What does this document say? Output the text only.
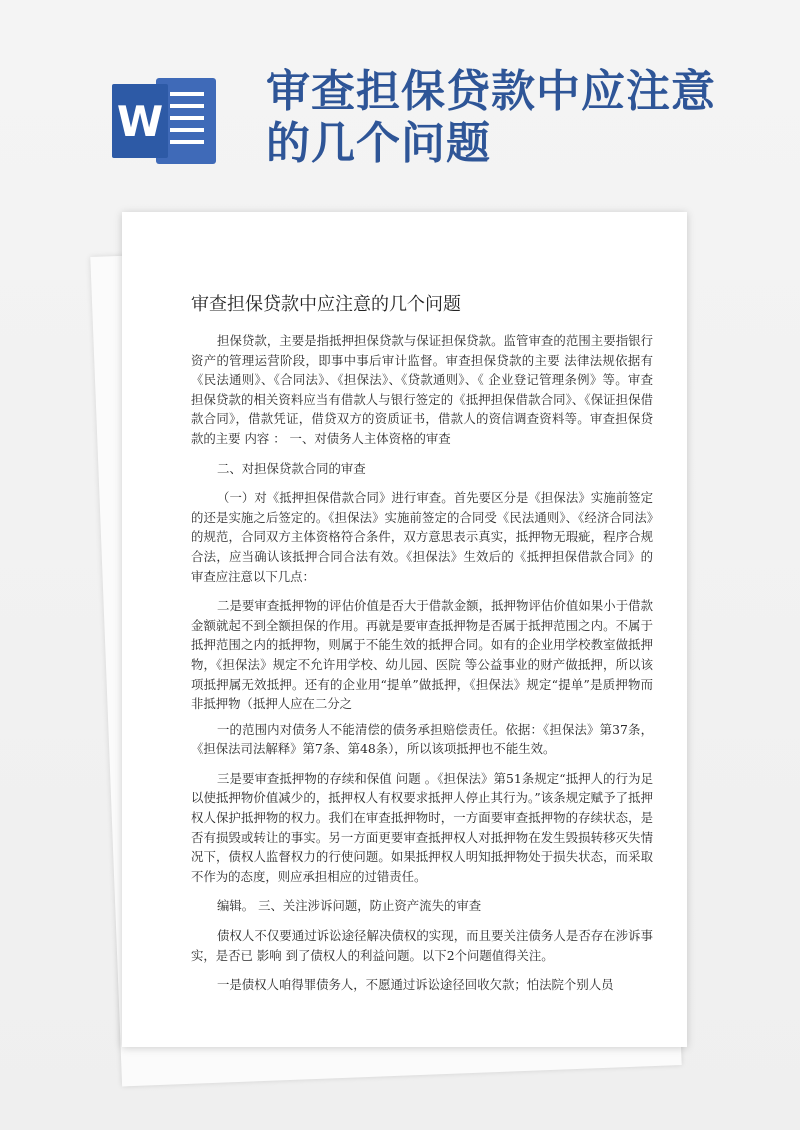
W
审查担保贷款中应注意的几个问题
审查担保贷款中应注意的几个问题

担保贷款，主要是指抵押担保贷款与保证担保贷款。监管审查的范围主要指银行资产的管理运营阶段，即事中事后审计监督。审查担保贷款的主要 法律法规依据有《民法通则》、《合同法》、《担保法》、《贷款通则》、《 企业登记管理条例》等。审查担保贷款的相关资料应当有借款人与银行签定的《抵押担保借款合同》、《保证担保借款合同》，借款凭证，借贷双方的资质证书，借款人的资信调查资料等。审查担保贷款的主要 内容 ： 一、对债务人主体资格的审查

二、对担保贷款合同的审查

（一）对《抵押担保借款合同》进行审查。首先要区分是《担保法》实施前签定的还是实施之后签定的。《担保法》实施前签定的合同受《民法通则》、《经济合同法》的规范，合同双方主体资格符合条件，双方意思表示真实，抵押物无瑕疵，程序合规合法，应当确认该抵押合同合法有效。《担保法》生效后的《抵押担保借款合同》的审查应注意以下几点：

二是要审查抵押物的评估价值是否大于借款金额，抵押物评估价值如果小于借款金额就起不到全额担保的作用。再就是要审查抵押物是否属于抵押范围之内。不属于抵押范围之内的抵押物，则属于不能生效的抵押合同。如有的企业用学校教室做抵押物，《担保法》规定不允许用学校、幼儿园、医院 等公益事业的财产做抵押，所以该项抵押属无效抵押。还有的企业用“提单”做抵押，《担保法》规定“提单”是质押物而非抵押物（抵押人应在二分之

一的范围内对债务人不能清偿的债务承担赔偿责任。依据：《担保法》第37条，《担保法司法解释》第7条、第48条），所以该项抵押也不能生效。

三是要审查抵押物的存续和保值 问题 。《担保法》第51条规定“抵押人的行为足以使抵押物价值减少的，抵押权人有权要求抵押人停止其行为。”该条规定赋予了抵押权人保护抵押物的权力。我们在审查抵押物时，一方面要审查抵押物的存续状态，是否有损毁或转让的事实。另一方面更要审查抵押权人对抵押物在发生毁损转移灭失情况下，债权人监督权力的行使问题。如果抵押权人明知抵押物处于损失状态，而采取不作为的态度，则应承担相应的过错责任。

编辑。 三、关注涉诉问题，防止资产流失的审查

债权人不仅要通过诉讼途径解决债权的实现，而且要关注债务人是否存在涉诉事实，是否已 影响 到了债权人的利益问题。以下2个问题值得关注。

一是债权人咱得罪债务人，不愿通过诉讼途径回收欠款；怕法院个别人员
